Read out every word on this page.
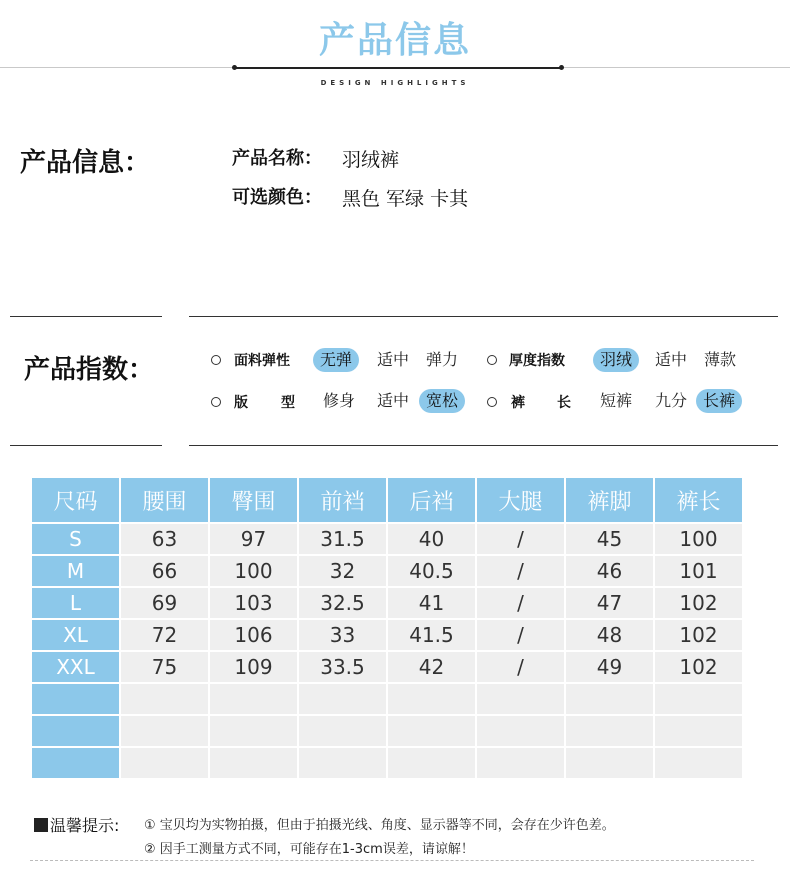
产品信息
DESIGN HIGHLIGHTS
产品信息：	产品名称： 羽绒裤
可选颜色： 黑色 军绿 卡其
产品指数：	面料弹性	无弹	适中	弹力	厚度指数	羽绒	适中	薄款
版 型	修身	适中	宽松	裤 长	短裤	九分 长裤
尺码	腰围	臀围	前裆	后裆	大腿	裤脚	裤长
S	63	97	31.5	40	/	45	100
M	66	100	32	40.5	/	46	101
L	69	103	32.5	41	/	47	102
XL	72	106	33	41.5	/	48	102
XXL	75	109	33.5	42	/	49	102

温馨提示: ① 宝贝均为实物拍摄，但由于拍摄光线、角度、显示器等不同，会存在少许色差。
② 因手工测量方式不同，可能存在1-3cm误差，请谅解！
